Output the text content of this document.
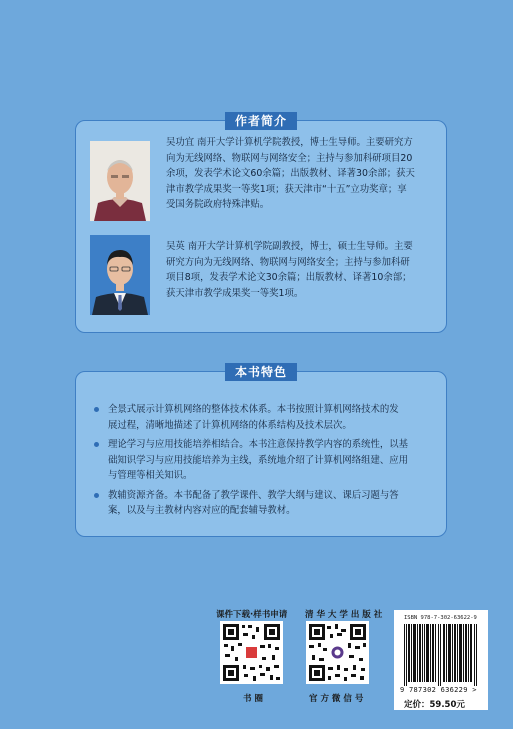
作者简介

吴功宜 南开大学计算机学院教授，博士生导师。主要研究方
向为无线网络、物联网与网络安全；主持与参加科研项目20
余项，发表学术论文60余篇；出版教材、译著30余部；获天
津市教学成果奖一等奖1项；获天津市“十五”立功奖章；享
受国务院政府特殊津贴。

吴英 南开大学计算机学院副教授，博士，硕士生导师。主要
研究方向为无线网络、物联网与网络安全；主持与参加科研
项目8项，发表学术论文30余篇；出版教材、译著10余部；
获天津市教学成果奖一等奖1项。

本书特色
全景式展示计算机网络的整体技术体系。本书按照计算机网络技术的发
展过程，清晰地描述了计算机网络的体系结构及技术层次。
理论学习与应用技能培养相结合。本书注意保持教学内容的系统性，以基
础知识学习与应用技能培养为主线，系统地介绍了计算机网络组建、应用
与管理等相关知识。
教辅资源齐备。本书配备了教学课件、教学大纲与建议、课后习题与答
案，以及与主教材内容对应的配套辅导教材。
课件下载·样书申请
书 圈
清 华 大 学 出 版 社
官 方 微 信 号
ISBN 978-7-302-63622-9
9 787302 636229 >
定价：59.50元
